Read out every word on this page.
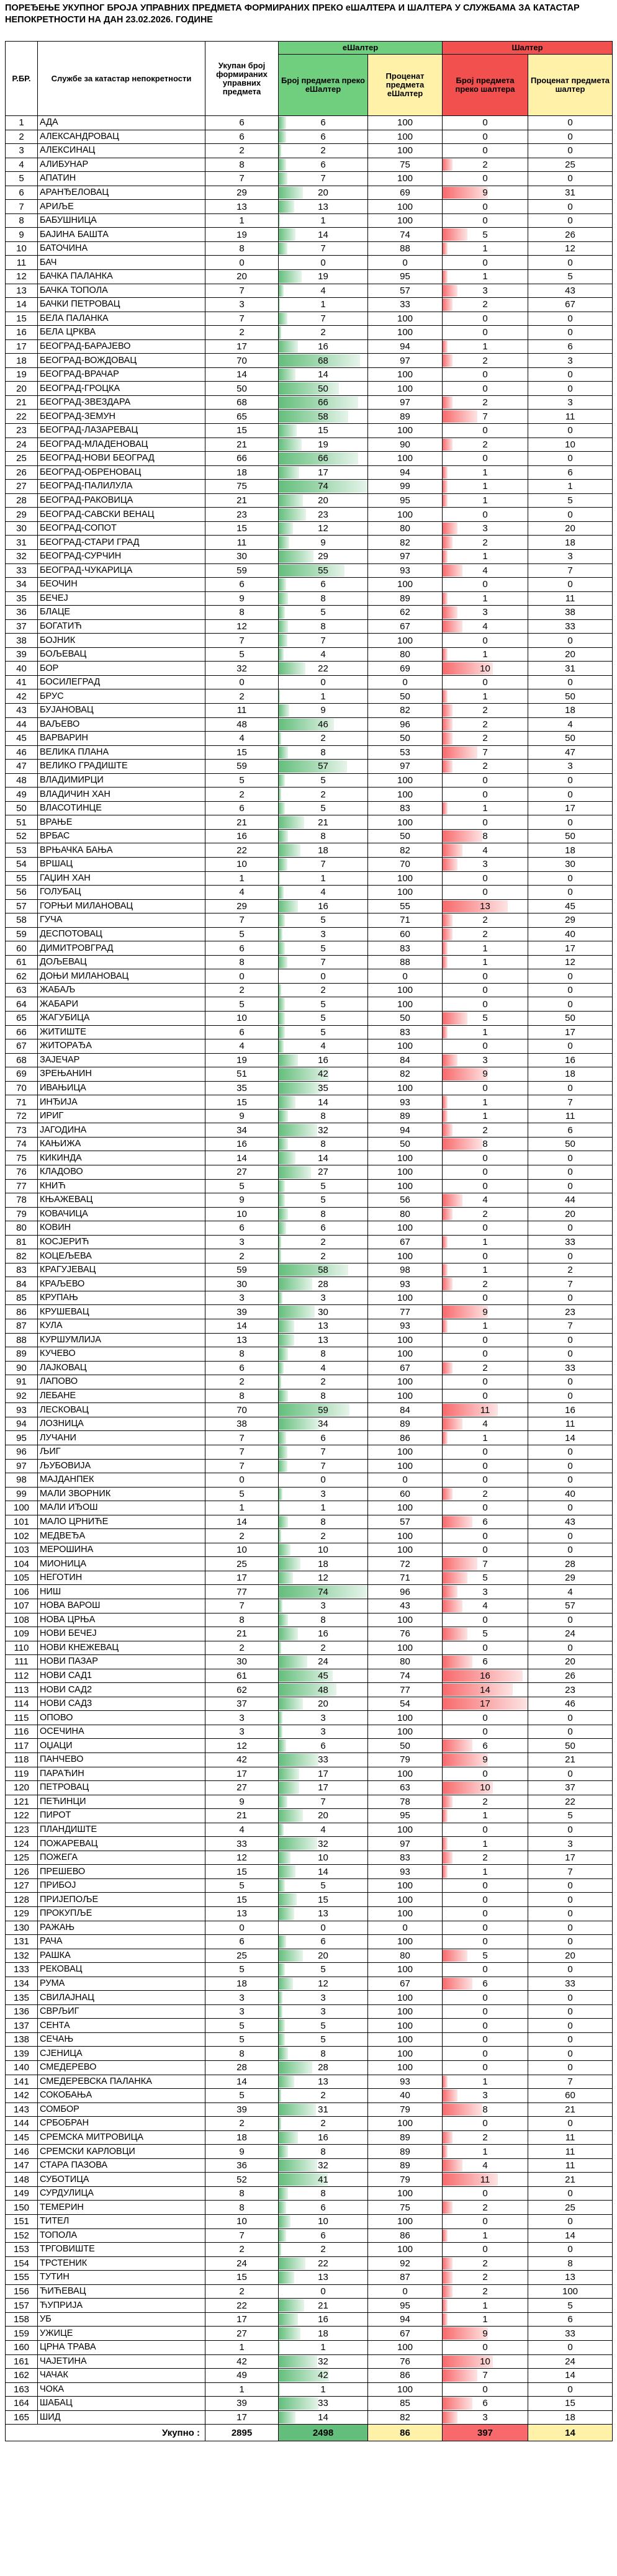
ПОРЕЂЕЊЕ УКУПНОГ БРОЈА УПРАВНИХ ПРЕДМЕТА ФОРМИРАНИХ ПРЕКО еШАЛТЕРА И ШАЛТЕРА У СЛУЖБАМА ЗА КАТАСТАР НЕПОКРЕТНОСТИ НА ДАН 23.02.2026. ГОДИНЕ
Р.БР.	Службе за катастар непокретности	Укупан број формираних управних предмета	еШалтер		Шалтер	
			Број предмета преко еШалтер	Проценат предмета еШалтер	Број предмета преко шалтера	Проценат предмета шалтер
1	АДА	6	6	100	0	0
2	АЛЕКСАНДРОВАЦ	6	6	100	0	0
3	АЛЕКСИНАЦ	2	2	100	0	0
4	АЛИБУНАР	8	6	75	2	25
5	АПАТИН	7	7	100	0	0
6	АРАНЂЕЛОВАЦ	29	20	69	9	31
7	АРИЉЕ	13	13	100	0	0
8	БАБУШНИЦА	1	1	100	0	0
9	БАЈИНА БАШТА	19	14	74	5	26
10	БАТОЧИНА	8	7	88	1	12
11	БАЧ	0	0	0	0	0
12	БАЧКА ПАЛАНКА	20	19	95	1	5
13	БАЧКА ТОПОЛА	7	4	57	3	43
14	БАЧКИ ПЕТРОВАЦ	3	1	33	2	67
15	БЕЛА ПАЛАНКА	7	7	100	0	0
16	БЕЛА ЦРКВА	2	2	100	0	0
17	БЕОГРАД-БАРАЈЕВО	17	16	94	1	6
18	БЕОГРАД-ВОЖДОВАЦ	70	68	97	2	3
19	БЕОГРАД-ВРАЧАР	14	14	100	0	0
20	БЕОГРАД-ГРОЦКА	50	50	100	0	0
21	БЕОГРАД-ЗВЕЗДАРА	68	66	97	2	3
22	БЕОГРАД-ЗЕМУН	65	58	89	7	11
23	БЕОГРАД-ЛАЗАРЕВАЦ	15	15	100	0	0
24	БЕОГРАД-МЛАДЕНОВАЦ	21	19	90	2	10
25	БЕОГРАД-НОВИ БЕОГРАД	66	66	100	0	0
26	БЕОГРАД-ОБРЕНОВАЦ	18	17	94	1	6
27	БЕОГРАД-ПАЛИЛУЛА	75	74	99	1	1
28	БЕОГРАД-РАКОВИЦА	21	20	95	1	5
29	БЕОГРАД-САВСКИ ВЕНАЦ	23	23	100	0	0
30	БЕОГРАД-СОПОТ	15	12	80	3	20
31	БЕОГРАД-СТАРИ ГРАД	11	9	82	2	18
32	БЕОГРАД-СУРЧИН	30	29	97	1	3
33	БЕОГРАД-ЧУКАРИЦА	59	55	93	4	7
34	БЕОЧИН	6	6	100	0	0
35	БЕЧЕЈ	9	8	89	1	11
36	БЛАЦЕ	8	5	62	3	38
37	БОГАТИЋ	12	8	67	4	33
38	БОЈНИК	7	7	100	0	0
39	БОЉЕВАЦ	5	4	80	1	20
40	БОР	32	22	69	10	31
41	БОСИЛЕГРАД	0	0	0	0	0
42	БРУС	2	1	50	1	50
43	БУЈАНОВАЦ	11	9	82	2	18
44	ВАЉЕВО	48	46	96	2	4
45	ВАРВАРИН	4	2	50	2	50
46	ВЕЛИКА ПЛАНА	15	8	53	7	47
47	ВЕЛИКО ГРАДИШТЕ	59	57	97	2	3
48	ВЛАДИМИРЦИ	5	5	100	0	0
49	ВЛАДИЧИН ХАН	2	2	100	0	0
50	ВЛАСОТИНЦЕ	6	5	83	1	17
51	ВРАЊЕ	21	21	100	0	0
52	ВРБАС	16	8	50	8	50
53	ВРЊАЧКА БАЊА	22	18	82	4	18
54	ВРШАЦ	10	7	70	3	30
55	ГАЏИН ХАН	1	1	100	0	0
56	ГОЛУБАЦ	4	4	100	0	0
57	ГОРЊИ МИЛАНОВАЦ	29	16	55	13	45
58	ГУЧА	7	5	71	2	29
59	ДЕСПОТОВАЦ	5	3	60	2	40
60	ДИМИТРОВГРАД	6	5	83	1	17
61	ДОЉЕВАЦ	8	7	88	1	12
62	ДОЊИ МИЛАНОВАЦ	0	0	0	0	0
63	ЖАБАЉ	2	2	100	0	0
64	ЖАБАРИ	5	5	100	0	0
65	ЖАГУБИЦА	10	5	50	5	50
66	ЖИТИШТЕ	6	5	83	1	17
67	ЖИТОРАЂА	4	4	100	0	0
68	ЗАЈЕЧАР	19	16	84	3	16
69	ЗРЕЊАНИН	51	42	82	9	18
70	ИВАЊИЦА	35	35	100	0	0
71	ИНЂИЈА	15	14	93	1	7
72	ИРИГ	9	8	89	1	11
73	ЈАГОДИНА	34	32	94	2	6
74	КАЊИЖА	16	8	50	8	50
75	КИКИНДА	14	14	100	0	0
76	КЛАДОВО	27	27	100	0	0
77	КНИЋ	5	5	100	0	0
78	КЊАЖЕВАЦ	9	5	56	4	44
79	КОВАЧИЦА	10	8	80	2	20
80	КОВИН	6	6	100	0	0
81	КОСЈЕРИЋ	3	2	67	1	33
82	КОЦЕЉЕВА	2	2	100	0	0
83	КРАГУЈЕВАЦ	59	58	98	1	2
84	КРАЉЕВО	30	28	93	2	7
85	КРУПАЊ	3	3	100	0	0
86	КРУШЕВАЦ	39	30	77	9	23
87	КУЛА	14	13	93	1	7
88	КУРШУМЛИЈА	13	13	100	0	0
89	КУЧЕВО	8	8	100	0	0
90	ЛАЈКОВАЦ	6	4	67	2	33
91	ЛАПОВО	2	2	100	0	0
92	ЛЕБАНЕ	8	8	100	0	0
93	ЛЕСКОВАЦ	70	59	84	11	16
94	ЛОЗНИЦА	38	34	89	4	11
95	ЛУЧАНИ	7	6	86	1	14
96	ЉИГ	7	7	100	0	0
97	ЉУБОВИЈА	7	7	100	0	0
98	МАЈДАНПЕК	0	0	0	0	0
99	МАЛИ ЗВОРНИК	5	3	60	2	40
100	МАЛИ ИЂОШ	1	1	100	0	0
101	МАЛО ЦРНИЋЕ	14	8	57	6	43
102	МЕДВЕЂА	2	2	100	0	0
103	МЕРОШИНА	10	10	100	0	0
104	МИОНИЦА	25	18	72	7	28
105	НЕГОТИН	17	12	71	5	29
106	НИШ	77	74	96	3	4
107	НОВА ВАРОШ	7	3	43	4	57
108	НОВА ЦРЊА	8	8	100	0	0
109	НОВИ БЕЧЕЈ	21	16	76	5	24
110	НОВИ КНЕЖЕВАЦ	2	2	100	0	0
111	НОВИ ПАЗАР	30	24	80	6	20
112	НОВИ САД1	61	45	74	16	26
113	НОВИ САД2	62	48	77	14	23
114	НОВИ САД3	37	20	54	17	46
115	ОПОВО	3	3	100	0	0
116	ОСЕЧИНА	3	3	100	0	0
117	ОЏАЦИ	12	6	50	6	50
118	ПАНЧЕВО	42	33	79	9	21
119	ПАРАЋИН	17	17	100	0	0
120	ПЕТРОВАЦ	27	17	63	10	37
121	ПЕЋИНЦИ	9	7	78	2	22
122	ПИРОТ	21	20	95	1	5
123	ПЛАНДИШТЕ	4	4	100	0	0
124	ПОЖАРЕВАЦ	33	32	97	1	3
125	ПОЖЕГА	12	10	83	2	17
126	ПРЕШЕВО	15	14	93	1	7
127	ПРИБОЈ	5	5	100	0	0
128	ПРИЈЕПОЉЕ	15	15	100	0	0
129	ПРОКУПЉЕ	13	13	100	0	0
130	РАЖАЊ	0	0	0	0	0
131	РАЧА	6	6	100	0	0
132	РАШКА	25	20	80	5	20
133	РЕКОВАЦ	5	5	100	0	0
134	РУМА	18	12	67	6	33
135	СВИЛАЈНАЦ	3	3	100	0	0
136	СВРЉИГ	3	3	100	0	0
137	СЕНТА	5	5	100	0	0
138	СЕЧАЊ	5	5	100	0	0
139	СЈЕНИЦА	8	8	100	0	0
140	СМЕДЕРЕВО	28	28	100	0	0
141	СМЕДЕРЕВСКА ПАЛАНКА	14	13	93	1	7
142	СОКОБАЊА	5	2	40	3	60
143	СОМБОР	39	31	79	8	21
144	СРБОБРАН	2	2	100	0	0
145	СРЕМСКА МИТРОВИЦА	18	16	89	2	11
146	СРЕМСКИ КАРЛОВЦИ	9	8	89	1	11
147	СТАРА ПАЗОВА	36	32	89	4	11
148	СУБОТИЦА	52	41	79	11	21
149	СУРДУЛИЦА	8	8	100	0	0
150	ТЕМЕРИН	8	6	75	2	25
151	ТИТЕЛ	10	10	100	0	0
152	ТОПОЛА	7	6	86	1	14
153	ТРГОВИШТЕ	2	2	100	0	0
154	ТРСТЕНИК	24	22	92	2	8
155	ТУТИН	15	13	87	2	13
156	ЋИЋЕВАЦ	2	0	0	2	100
157	ЋУПРИЈА	22	21	95	1	5
158	УБ	17	16	94	1	6
159	УЖИЦЕ	27	18	67	9	33
160	ЦРНА ТРАВА	1	1	100	0	0
161	ЧАЈЕТИНА	42	32	76	10	24
162	ЧАЧАК	49	42	86	7	14
163	ЧОКА	1	1	100	0	0
164	ШАБАЦ	39	33	85	6	15
165	ШИД	17	14	82	3	18
Укупно :		2895	2498	86	397	14
